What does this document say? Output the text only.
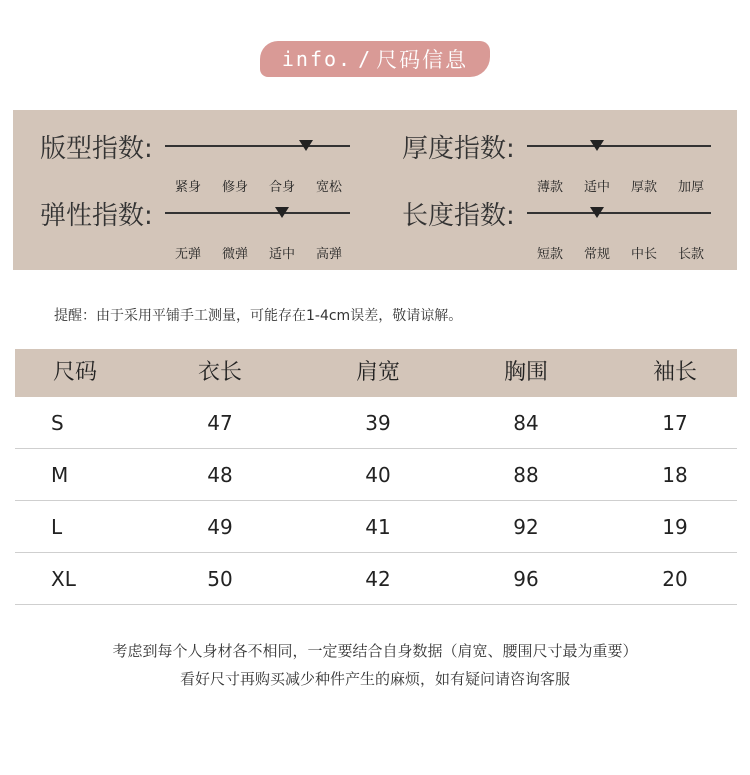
info. / 尺码信息
版型指数:
紧身	修身	合身	宽松
厚度指数:
薄款	适中	厚款	加厚
弹性指数:
无弹	微弹	适中	高弹
长度指数:
短款	常规	中长	长款
提醒：由于采用平铺手工测量，可能存在1-4cm误差，敬请谅解。
尺码	衣长	肩宽	胸围	袖长
S	47	39	84	17
M	48	40	88	18
L	49	41	92	19
XL	50	42	96	20
考虑到每个人身材各不相同，一定要结合自身数据（肩宽、腰围尺寸最为重要）
看好尺寸再购买减少种件产生的麻烦，如有疑问请咨询客服
